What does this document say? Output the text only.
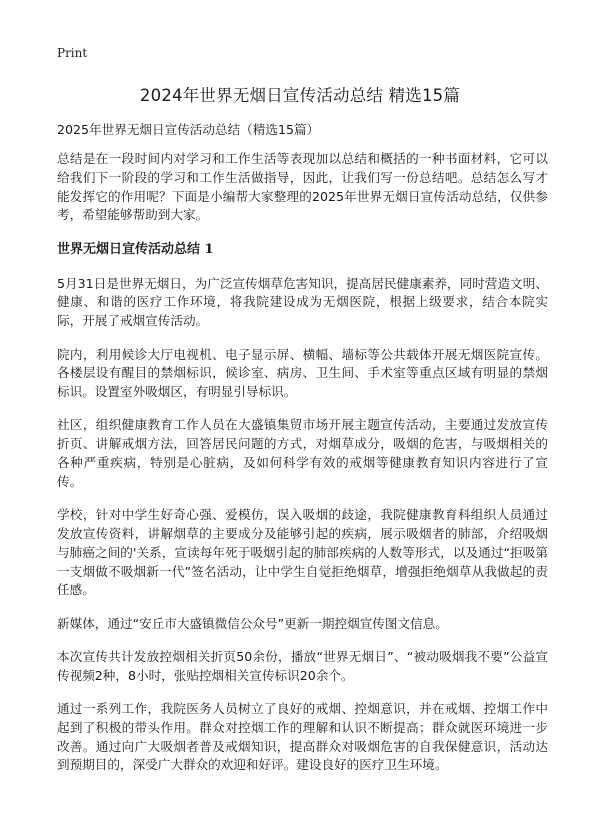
Print
2024年世界无烟日宣传活动总结 精选15篇

2025年世界无烟日宣传活动总结（精选15篇）

总结是在一段时间内对学习和工作生活等表现加以总结和概括的一种书面材料，它可以给我们下一阶段的学习和工作生活做指导，因此，让我们写一份总结吧。总结怎么写才能发挥它的作用呢？下面是小编帮大家整理的2025年世界无烟日宣传活动总结，仅供参考，希望能够帮助到大家。

世界无烟日宣传活动总结 1

5月31日是世界无烟日，为广泛宣传烟草危害知识，提高居民健康素养，同时营造文明、健康、和谐的医疗工作环境，将我院建设成为无烟医院，根据上级要求，结合本院实际，开展了戒烟宣传活动。

院内，利用候诊大厅电视机、电子显示屏、横幅、墙标等公共载体开展无烟医院宣传。各楼层设有醒目的禁烟标识，候诊室、病房、卫生间、手术室等重点区域有明显的禁烟标识。设置室外吸烟区，有明显引导标识。

社区，组织健康教育工作人员在大盛镇集贸市场开展主题宣传活动，主要通过发放宣传折页、讲解戒烟方法，回答居民问题的方式，对烟草成分，吸烟的危害，与吸烟相关的各种严重疾病，特别是心脏病，及如何科学有效的戒烟等健康教育知识内容进行了宣传。

学校，针对中学生好奇心强、爱模仿，误入吸烟的歧途，我院健康教育科组织人员通过发放宣传资料，讲解烟草的主要成分及能够引起的疾病，展示吸烟者的肺部，介绍吸烟与肺癌之间的'关系，宣读每年死于吸烟引起的肺部疾病的人数等形式，以及通过“拒吸第一支烟做不吸烟新一代”签名活动，让中学生自觉拒绝烟草，增强拒绝烟草从我做起的责任感。

新媒体，通过“安丘市大盛镇微信公众号”更新一期控烟宣传图文信息。

本次宣传共计发放控烟相关折页50余份，播放“世界无烟日”、“被动吸烟我不要”公益宣传视频2种，8小时，张贴控烟相关宣传标识20余个。

通过一系列工作，我院医务人员树立了良好的戒烟、控烟意识，并在戒烟、控烟工作中起到了积极的带头作用。群众对控烟工作的理解和认识不断提高；群众就医环境进一步改善。通过向广大吸烟者普及戒烟知识，提高群众对吸烟危害的自我保健意识，活动达到预期目的，深受广大群众的欢迎和好评。建设良好的医疗卫生环境。
